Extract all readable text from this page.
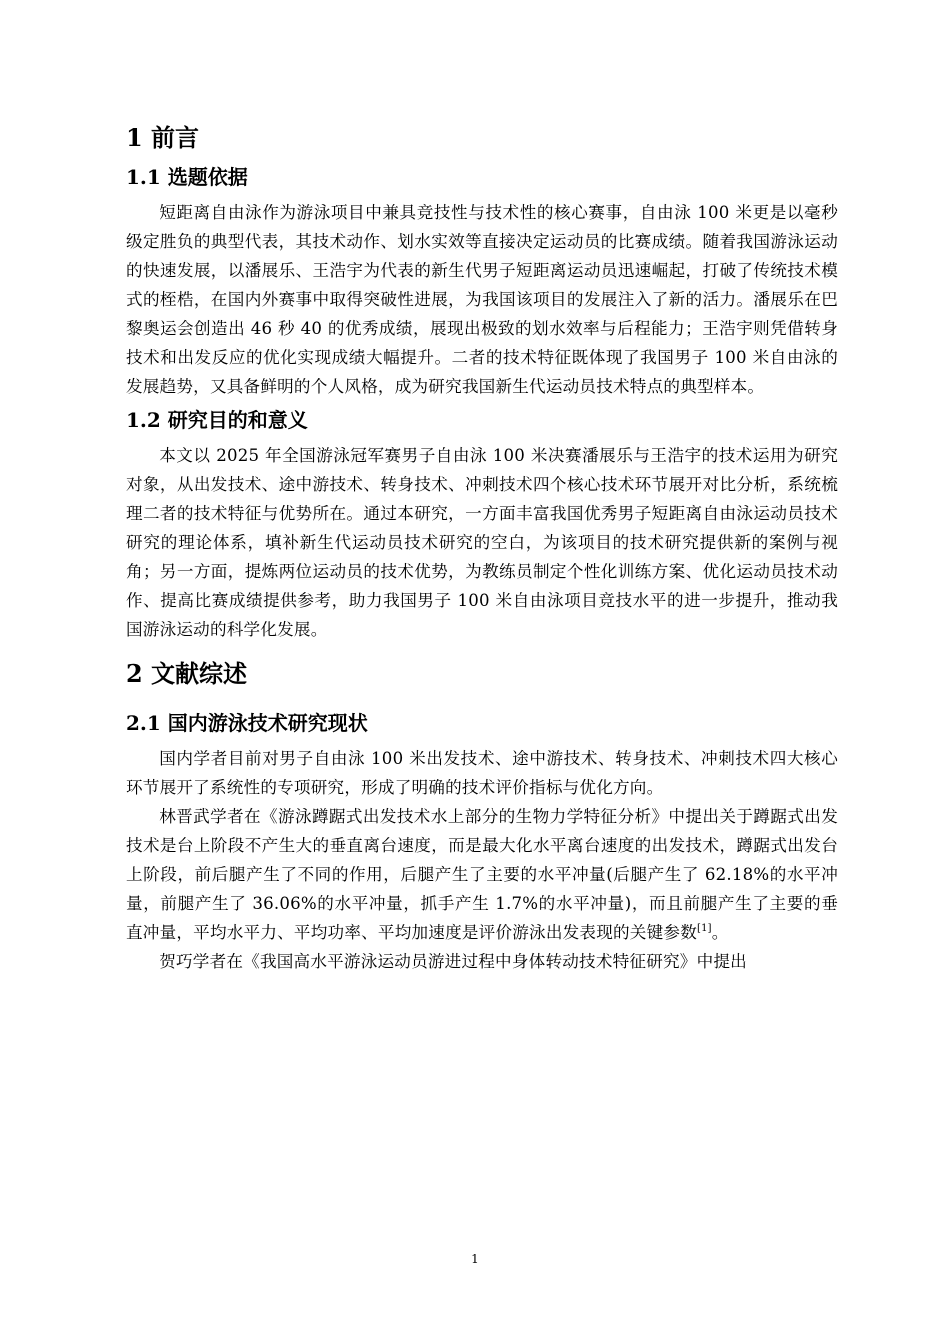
1 前言
1.1 选题依据

短距离自由泳作为游泳项目中兼具竞技性与技术性的核心赛事，自由泳 100 米更是以毫秒级定胜负的典型代表，其技术动作、划水实效等直接决定运动员的比赛成绩。随着我国游泳运动的快速发展，以潘展乐、王浩宇为代表的新生代男子短距离运动员迅速崛起，打破了传统技术模式的桎梏，在国内外赛事中取得突破性进展，为我国该项目的发展注入了新的活力。潘展乐在巴黎奥运会创造出 46 秒 40 的优秀成绩，展现出极致的划水效率与后程能力；王浩宇则凭借转身技术和出发反应的优化实现成绩大幅提升。二者的技术特征既体现了我国男子 100 米自由泳的发展趋势，又具备鲜明的个人风格，成为研究我国新生代运动员技术特点的典型样本。

1.2 研究目的和意义

本文以 2025 年全国游泳冠军赛男子自由泳 100 米决赛潘展乐与王浩宇的技术运用为研究对象，从出发技术、途中游技术、转身技术、冲刺技术四个核心技术环节展开对比分析，系统梳理二者的技术特征与优势所在。通过本研究，一方面丰富我国优秀男子短距离自由泳运动员技术研究的理论体系，填补新生代运动员技术研究的空白，为该项目的技术研究提供新的案例与视角；另一方面，提炼两位运动员的技术优势，为教练员制定个性化训练方案、优化运动员技术动作、提高比赛成绩提供参考，助力我国男子 100 米自由泳项目竞技水平的进一步提升，推动我国游泳运动的科学化发展。

2 文献综述
2.1 国内游泳技术研究现状

国内学者目前对男子自由泳 100 米出发技术、途中游技术、转身技术、冲刺技术四大核心环节展开了系统性的专项研究，形成了明确的技术评价指标与优化方向。

林晋武学者在《游泳蹲踞式出发技术水上部分的生物力学特征分析》中提出关于蹲踞式出发技术是台上阶段不产生大的垂直离台速度，而是最大化水平离台速度的出发技术，蹲踞式出发台上阶段，前后腿产生了不同的作用，后腿产生了主要的水平冲量(后腿产生了 62.18%的水平冲量，前腿产生了 36.06%的水平冲量，抓手产生 1.7%的水平冲量)，而且前腿产生了主要的垂直冲量，平均水平力、平均功率、平均加速度是评价游泳出发表现的关键参数[1]。

贺巧学者在《我国高水平游泳运动员游进过程中身体转动技术特征研究》中提出

1
